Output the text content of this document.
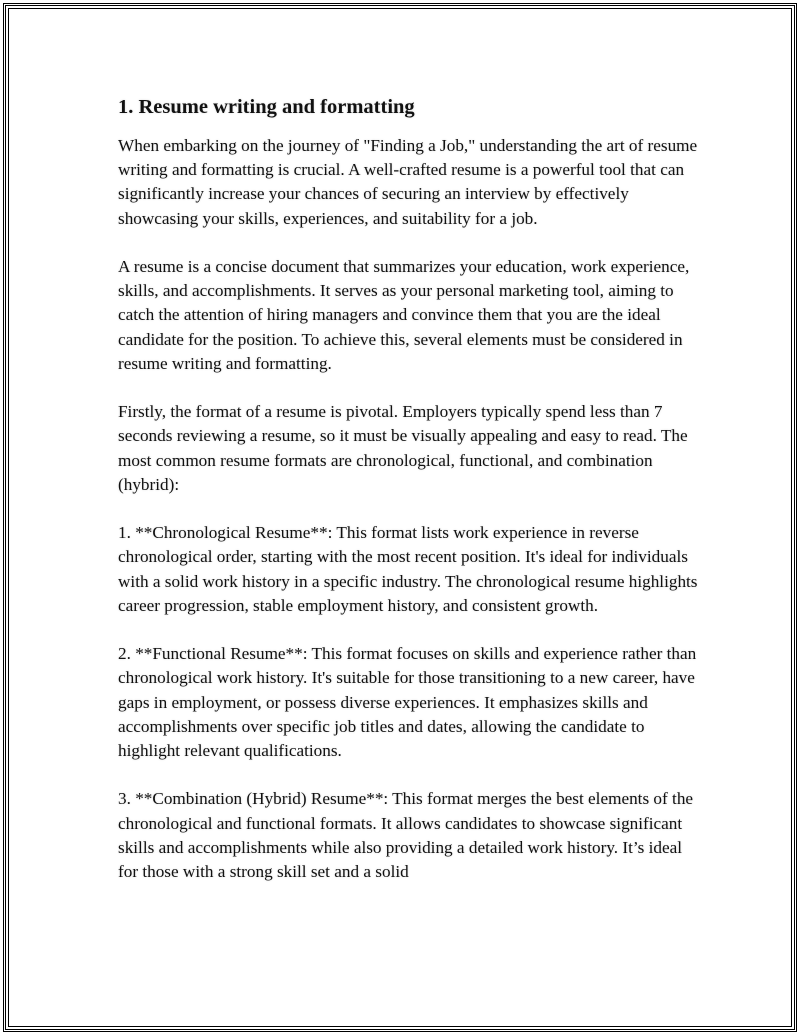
1. Resume writing and formatting

When embarking on the journey of "Finding a Job," understanding the art of resume writing and formatting is crucial. A well-crafted resume is a powerful tool that can significantly increase your chances of securing an interview by effectively showcasing your skills, experiences, and suitability for a job.

A resume is a concise document that summarizes your education, work experience, skills, and accomplishments. It serves as your personal marketing tool, aiming to catch the attention of hiring managers and convince them that you are the ideal candidate for the position. To achieve this, several elements must be considered in resume writing and formatting.

Firstly, the format of a resume is pivotal. Employers typically spend less than 7 seconds reviewing a resume, so it must be visually appealing and easy to read. The most common resume formats are chronological, functional, and combination (hybrid):

1. **Chronological Resume**: This format lists work experience in reverse chronological order, starting with the most recent position. It's ideal for individuals with a solid work history in a specific industry. The chronological resume highlights career progression, stable employment history, and consistent growth.

2. **Functional Resume**: This format focuses on skills and experience rather than chronological work history. It's suitable for those transitioning to a new career, have gaps in employment, or possess diverse experiences. It emphasizes skills and accomplishments over specific job titles and dates, allowing the candidate to highlight relevant qualifications.

3. **Combination (Hybrid) Resume**: This format merges the best elements of the chronological and functional formats. It allows candidates to showcase significant skills and accomplishments while also providing a detailed work history. It’s ideal for those with a strong skill set and a solid
